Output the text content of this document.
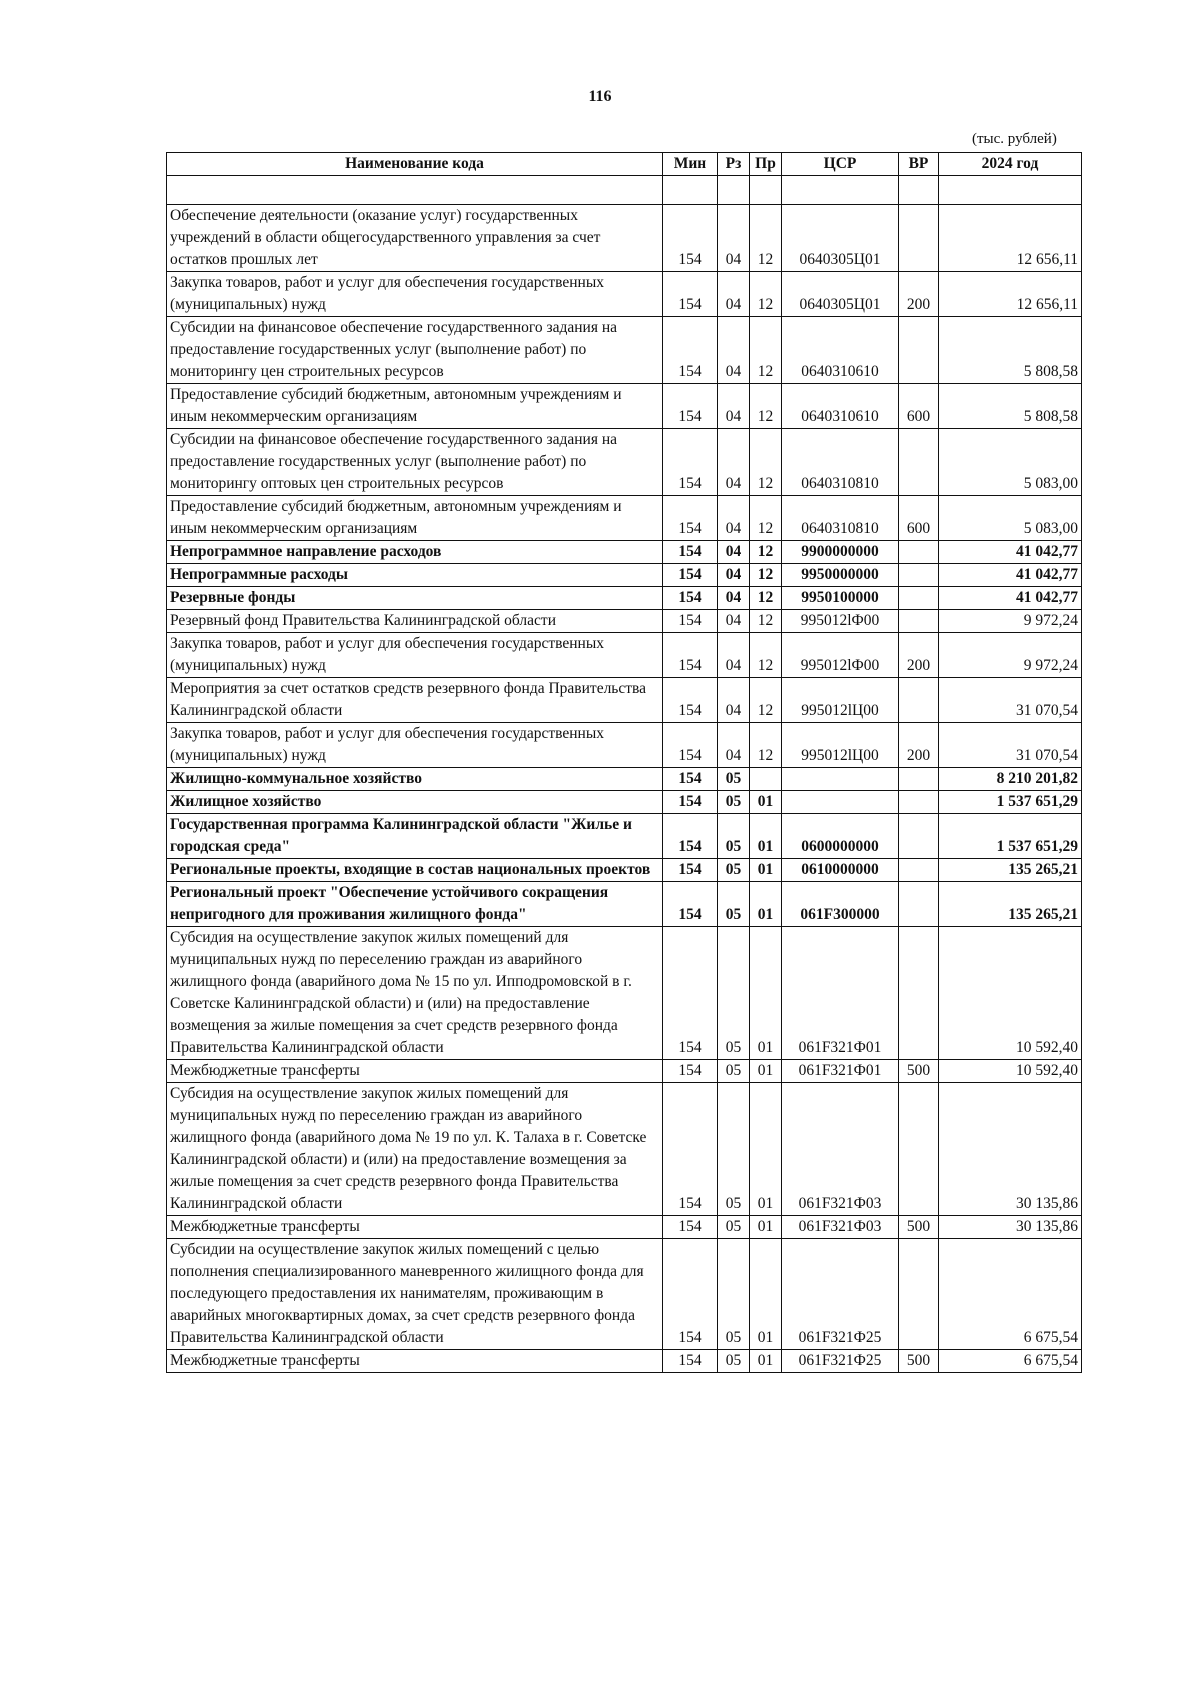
116
(тыс. рублей)
Наименование кода	Мин	Рз	Пр	ЦСР	ВР	2024 год

Обеспечение деятельности (оказание услуг) государственных учреждений в области общегосударственного управления за счет остатков прошлых лет	154	04	12	0640305Ц01		12 656,11
Закупка товаров, работ и услуг для обеспечения государственных (муниципальных) нужд	154	04	12	0640305Ц01	200	12 656,11
Субсидии на финансовое обеспечение государственного задания на предоставление государственных услуг (выполнение работ) по мониторингу цен строительных ресурсов	154	04	12	0640310610		5 808,58
Предоставление субсидий бюджетным, автономным учреждениям и иным некоммерческим организациям	154	04	12	0640310610	600	5 808,58
Субсидии на финансовое обеспечение государственного задания на предоставление государственных услуг (выполнение работ) по мониторингу оптовых цен строительных ресурсов	154	04	12	0640310810		5 083,00
Предоставление субсидий бюджетным, автономным учреждениям и иным некоммерческим организациям	154	04	12	0640310810	600	5 083,00
Непрограммное направление расходов	154	04	12	9900000000		41 042,77
Непрограммные расходы	154	04	12	9950000000		41 042,77
Резервные фонды	154	04	12	9950100000		41 042,77
Резервный фонд Правительства Калининградской области	154	04	12	995012lФ00		9 972,24
Закупка товаров, работ и услуг для обеспечения государственных (муниципальных) нужд	154	04	12	995012lФ00	200	9 972,24
Мероприятия за счет остатков средств резервного фонда Правительства Калининградской области	154	04	12	995012lЦ00		31 070,54
Закупка товаров, работ и услуг для обеспечения государственных (муниципальных) нужд	154	04	12	995012lЦ00	200	31 070,54
Жилищно-коммунальное хозяйство	154	05				8 210 201,82
Жилищное хозяйство	154	05	01			1 537 651,29
Государственная программа Калининградской области "Жилье и городская среда"	154	05	01	0600000000		1 537 651,29
Региональные проекты, входящие в состав национальных проектов	154	05	01	0610000000		135 265,21
Региональный проект "Обеспечение устойчивого сокращения непригодного для проживания жилищного фонда"	154	05	01	061F300000		135 265,21
Субсидия на осуществление закупок жилых помещений для муниципальных нужд по переселению граждан из аварийного жилищного фонда (аварийного дома № 15 по ул. Ипподромовской в г. Советске Калининградской области) и (или) на предоставление возмещения за жилые помещения за счет средств резервного фонда Правительства Калининградской области	154	05	01	061F321Ф01		10 592,40
Межбюджетные трансферты	154	05	01	061F321Ф01	500	10 592,40
Субсидия на осуществление закупок жилых помещений для муниципальных нужд по переселению граждан из аварийного жилищного фонда (аварийного дома № 19 по ул. К. Талаха в г. Советске Калининградской области) и (или) на предоставление возмещения за жилые помещения за счет средств резервного фонда Правительства Калининградской области	154	05	01	061F321Ф03		30 135,86
Межбюджетные трансферты	154	05	01	061F321Ф03	500	30 135,86
Субсидии на осуществление закупок жилых помещений с целью пополнения специализированного маневренного жилищного фонда для последующего предоставления их нанимателям, проживающим в аварийных многоквартирных домах, за счет средств резервного фонда Правительства Калининградской области	154	05	01	061F321Ф25		6 675,54
Межбюджетные трансферты	154	05	01	061F321Ф25	500	6 675,54
